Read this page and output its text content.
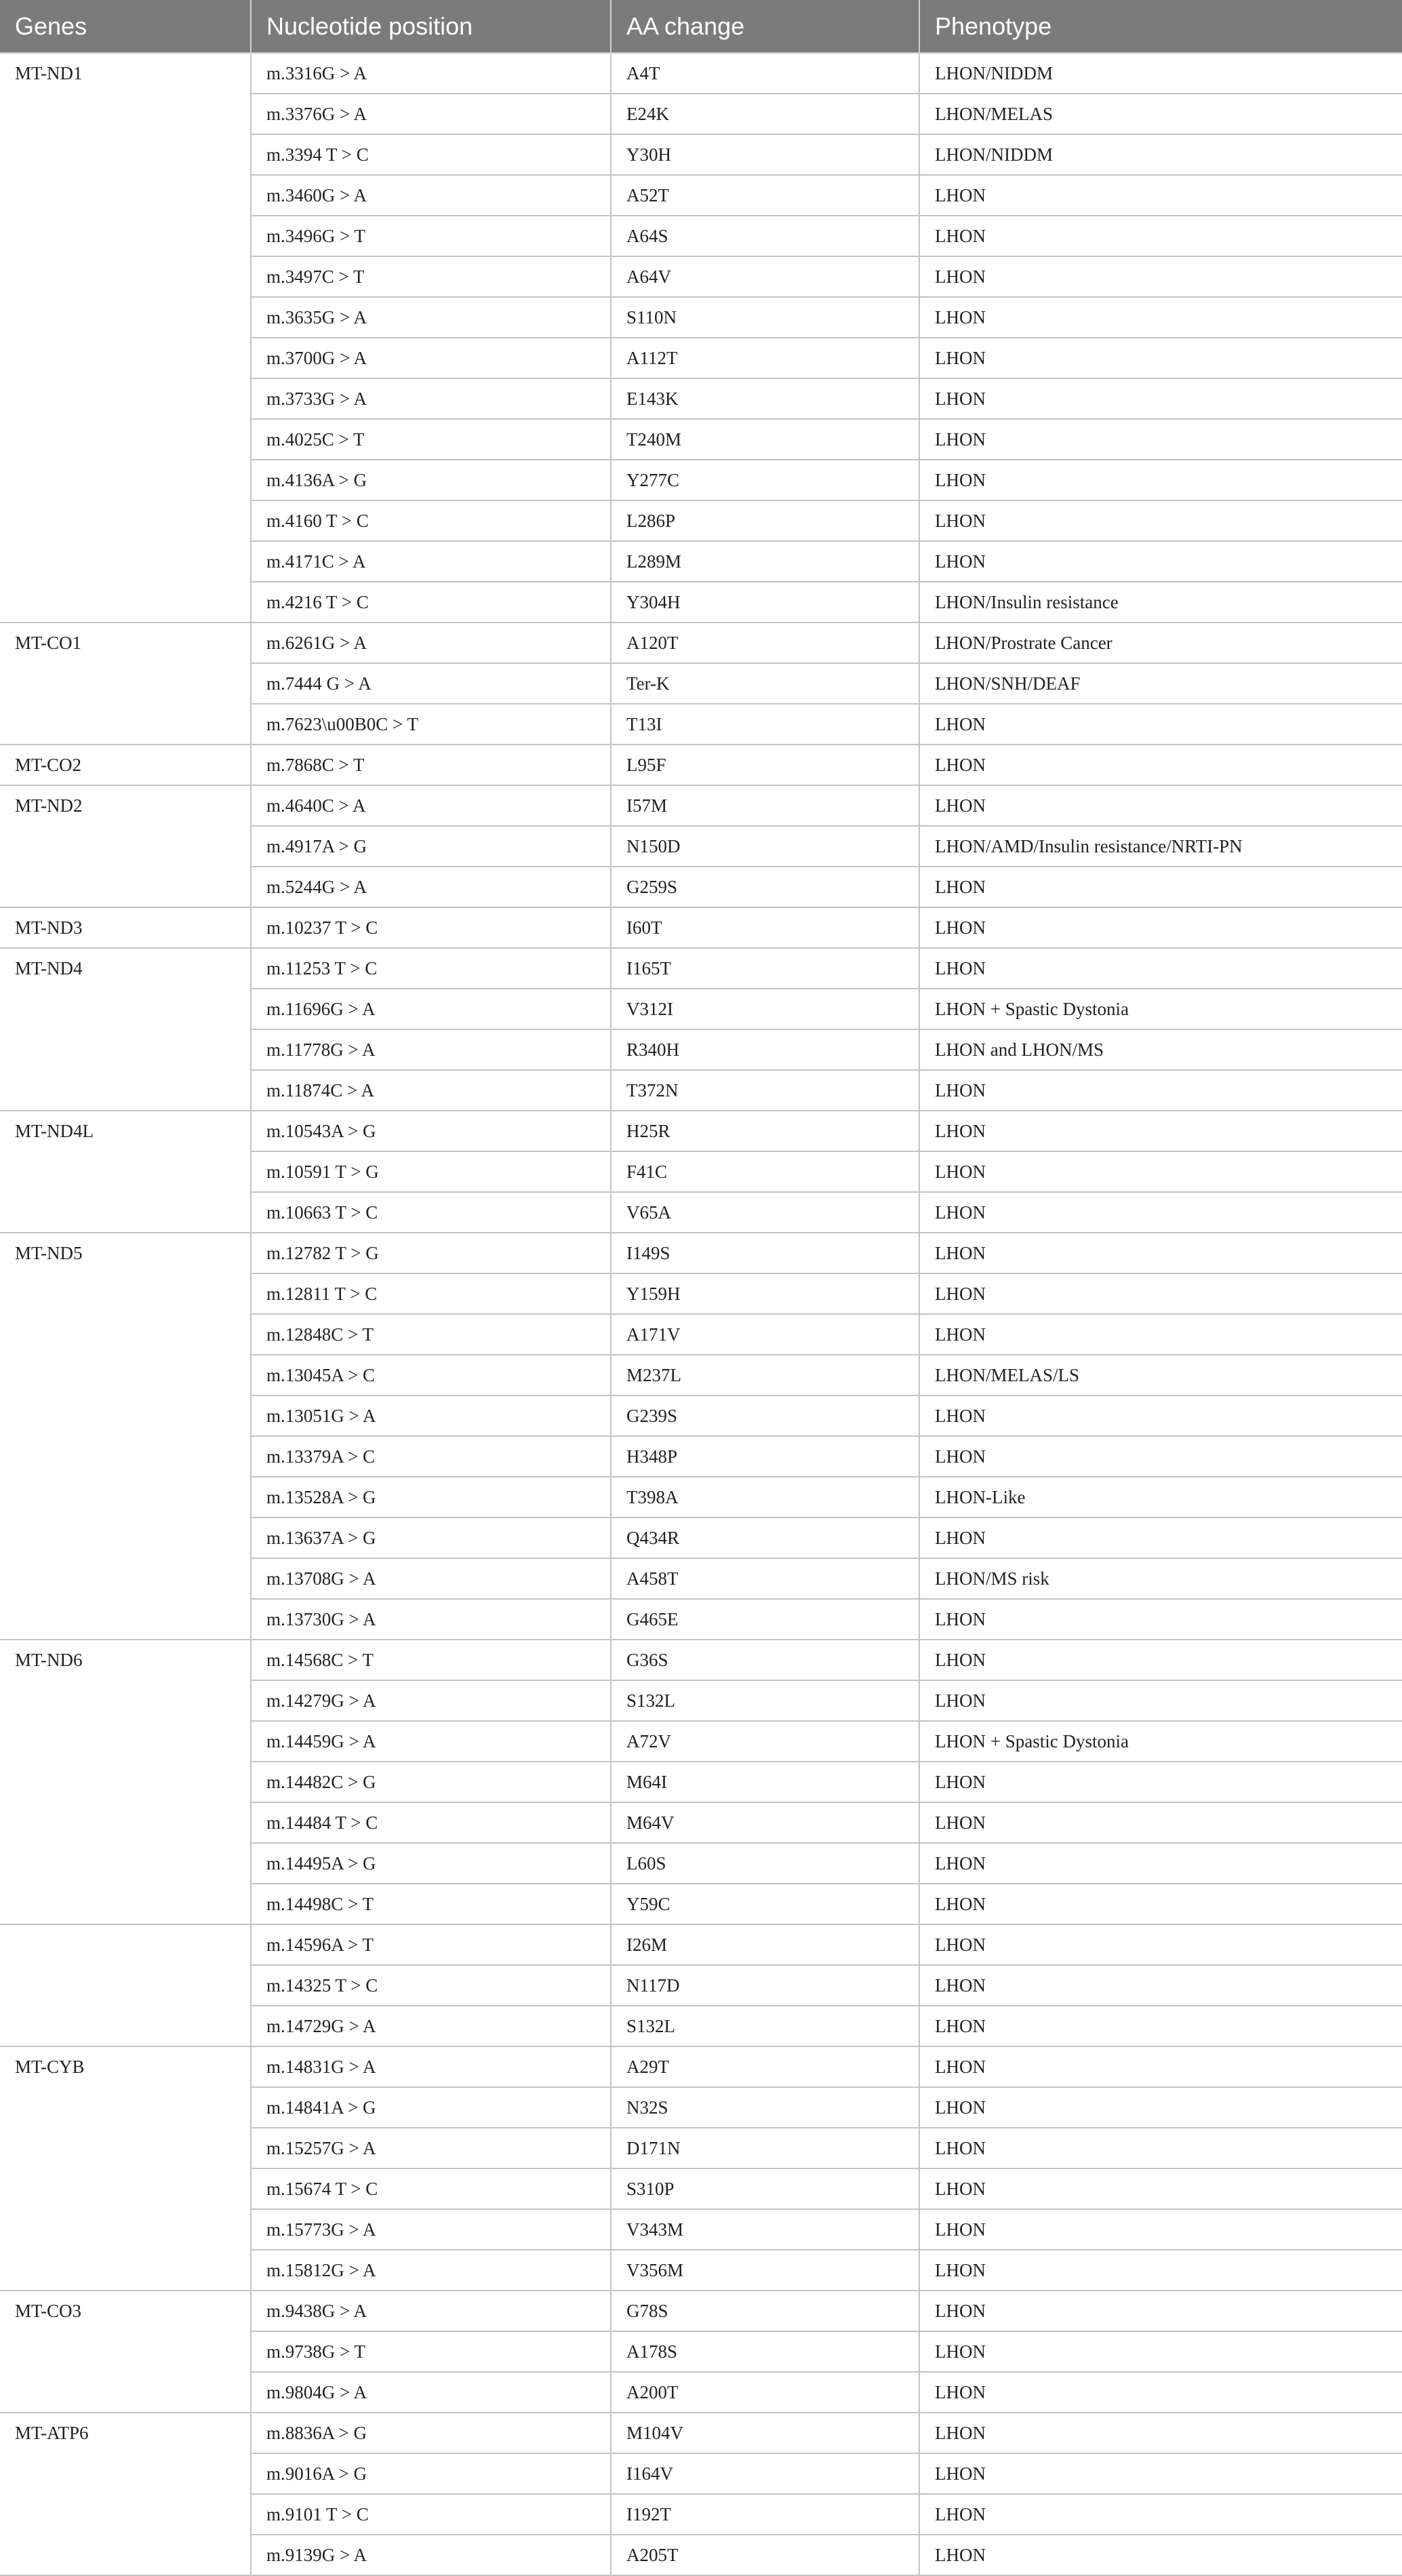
Genes	Nucleotide position	AA change	Phenotype
MT-ND1	m.3316G > A	A4T	LHON/NIDDM
	m.3376G > A	E24K	LHON/MELAS
	m.3394 T > C	Y30H	LHON/NIDDM
	m.3460G > A	A52T	LHON
	m.3496G > T	A64S	LHON
	m.3497C > T	A64V	LHON
	m.3635G > A	S110N	LHON
	m.3700G > A	A112T	LHON
	m.3733G > A	E143K	LHON
	m.4025C > T	T240M	LHON
	m.4136A > G	Y277C	LHON
	m.4160 T > C	L286P	LHON
	m.4171C > A	L289M	LHON
	m.4216 T > C	Y304H	LHON/Insulin resistance
MT-CO1	m.6261G > A	A120T	LHON/Prostrate Cancer
	m.7444 G > A	Ter-K	LHON/SNH/DEAF
	m.7623\u00B0C > T	T13I	LHON
MT-CO2	m.7868C > T	L95F	LHON
MT-ND2	m.4640C > A	I57M	LHON
	m.4917A > G	N150D	LHON/AMD/Insulin resistance/NRTI-PN
	m.5244G > A	G259S	LHON
MT-ND3	m.10237 T > C	I60T	LHON
MT-ND4	m.11253 T > C	I165T	LHON
	m.11696G > A	V312I	LHON + Spastic Dystonia
	m.11778G > A	R340H	LHON and LHON/MS
	m.11874C > A	T372N	LHON
MT-ND4L	m.10543A > G	H25R	LHON
	m.10591 T > G	F41C	LHON
	m.10663 T > C	V65A	LHON
MT-ND5	m.12782 T > G	I149S	LHON
	m.12811 T > C	Y159H	LHON
	m.12848C > T	A171V	LHON
	m.13045A > C	M237L	LHON/MELAS/LS
	m.13051G > A	G239S	LHON
	m.13379A > C	H348P	LHON
	m.13528A > G	T398A	LHON-Like
	m.13637A > G	Q434R	LHON
	m.13708G > A	A458T	LHON/MS risk
	m.13730G > A	G465E	LHON
MT-ND6	m.14568C > T	G36S	LHON
	m.14279G > A	S132L	LHON
	m.14459G > A	A72V	LHON + Spastic Dystonia
	m.14482C > G	M64I	LHON
	m.14484 T > C	M64V	LHON
	m.14495A > G	L60S	LHON
	m.14498C > T	Y59C	LHON
	m.14596A > T	I26M	LHON
	m.14325 T > C	N117D	LHON
	m.14729G > A	S132L	LHON
MT-CYB	m.14831G > A	A29T	LHON
	m.14841A > G	N32S	LHON
	m.15257G > A	D171N	LHON
	m.15674 T > C	S310P	LHON
	m.15773G > A	V343M	LHON
	m.15812G > A	V356M	LHON
MT-CO3	m.9438G > A	G78S	LHON
	m.9738G > T	A178S	LHON
	m.9804G > A	A200T	LHON
MT-ATP6	m.8836A > G	M104V	LHON
	m.9016A > G	I164V	LHON
	m.9101 T > C	I192T	LHON
	m.9139G > A	A205T	LHON
